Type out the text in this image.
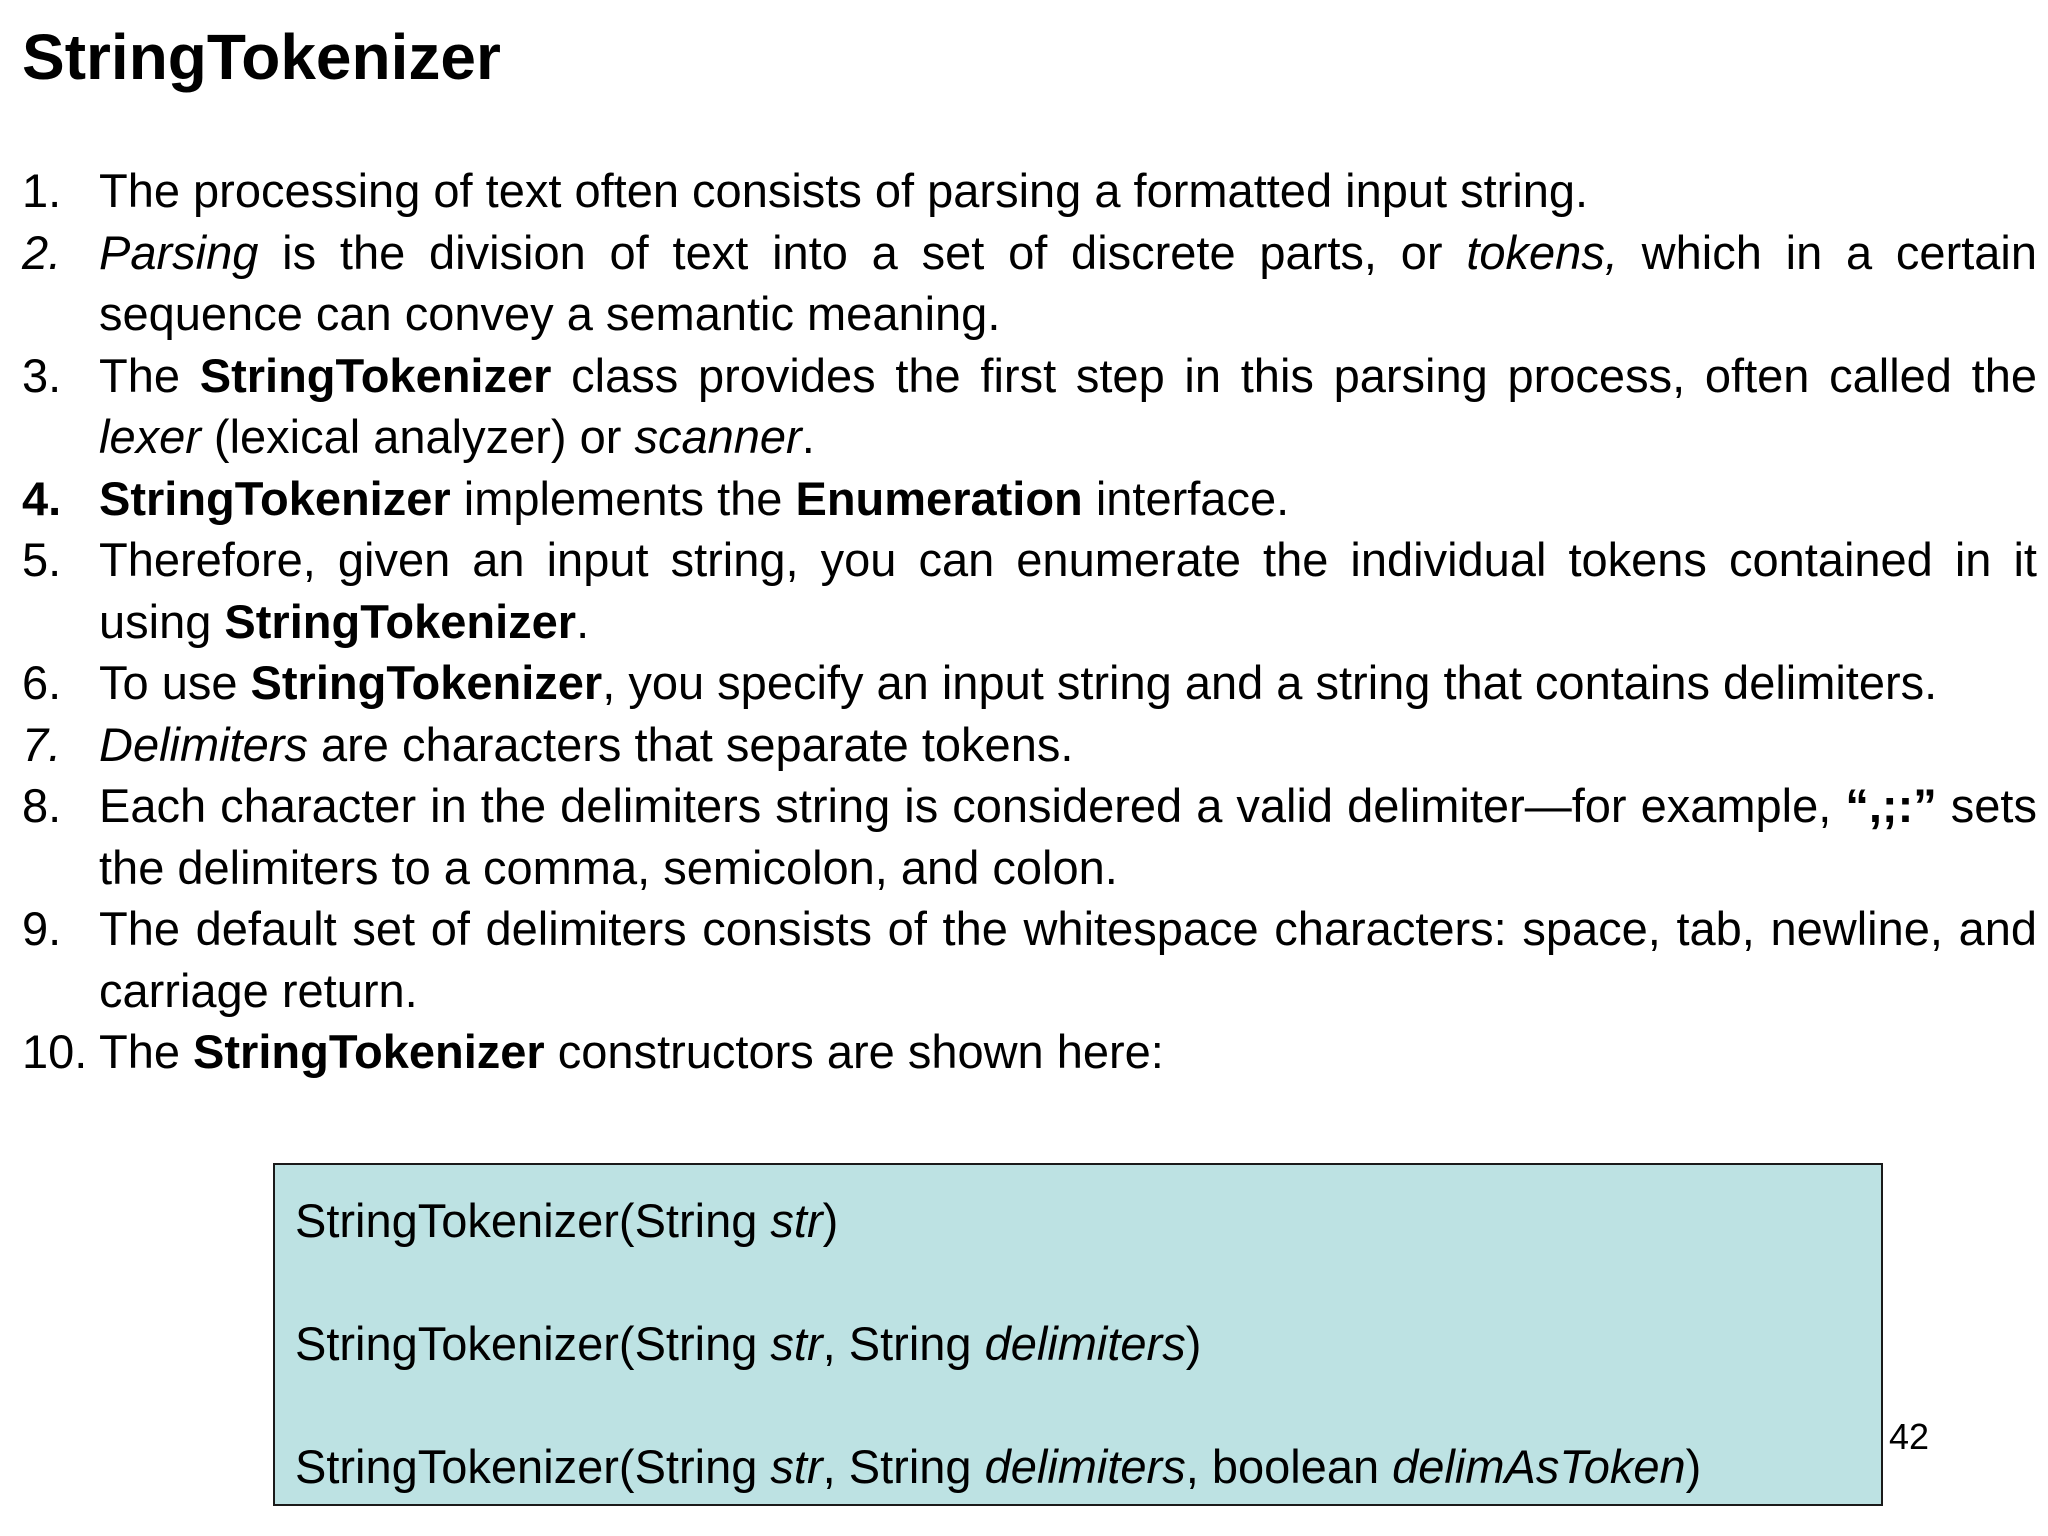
StringTokenizer
1. The processing of text often consists of parsing a formatted input string.
2. Parsing is the division of text into a set of discrete parts, or tokens, which in a certain sequence can convey a semantic meaning.
3. The StringTokenizer class provides the first step in this parsing process, often called the lexer (lexical analyzer) or scanner.
4. StringTokenizer implements the Enumeration interface.
5. Therefore, given an input string, you can enumerate the individual tokens contained in it using StringTokenizer.
6. To use StringTokenizer, you specify an input string and a string that contains delimiters.
7. Delimiters are characters that separate tokens.
8. Each character in the delimiters string is considered a valid delimiter—for example, “,;:” sets the delimiters to a comma, semicolon, and colon.
9. The default set of delimiters consists of the whitespace characters: space, tab, newline, and carriage return.
10. The StringTokenizer constructors are shown here:
StringTokenizer(String str)
StringTokenizer(String str, String delimiters)
StringTokenizer(String str, String delimiters, boolean delimAsToken)
42
